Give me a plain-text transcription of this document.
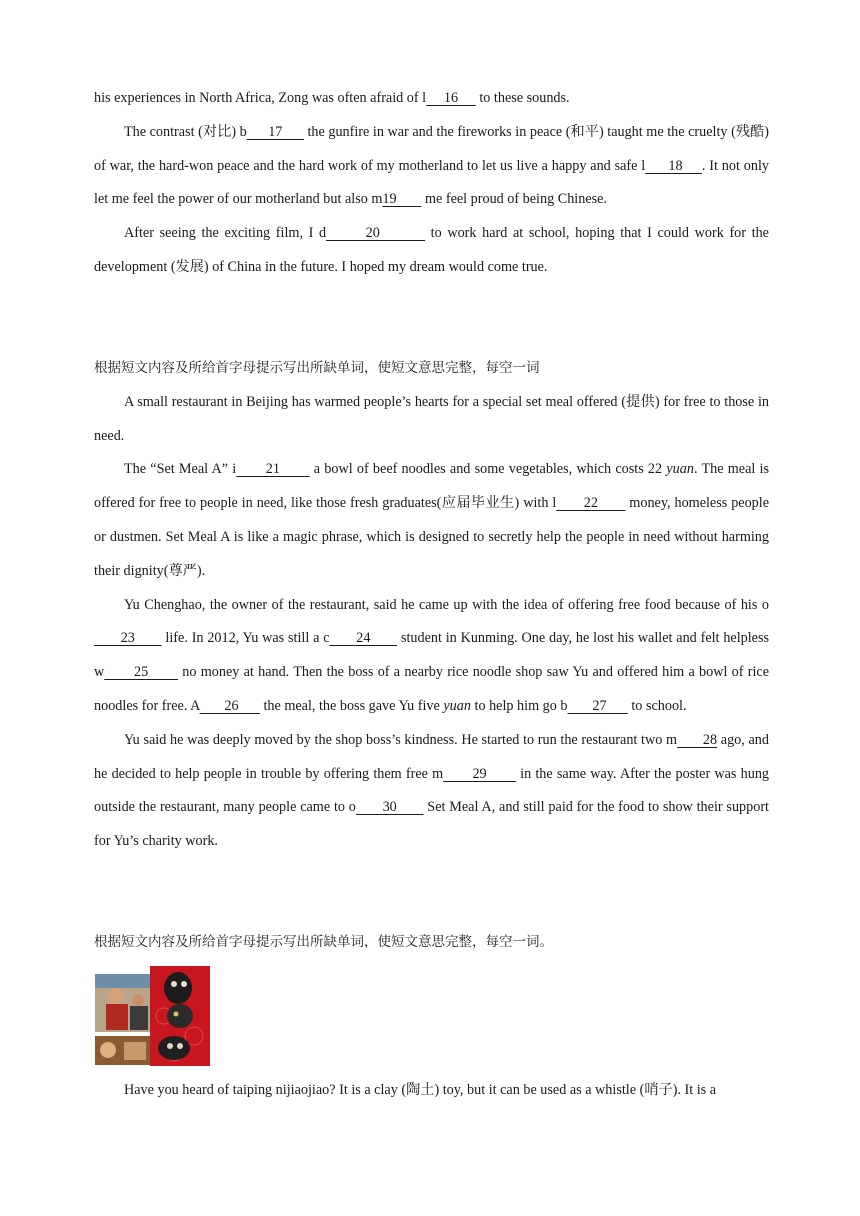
his experiences in North Africa, Zong was often afraid of l     16      to these sounds.

The contrast (对比) b      17       the gunfire in war and the fireworks in peace (和平) taught me the cruelty (残酷) of war, the hard-won peace and the hard work of my motherland to let us live a happy and safe l      18     . It not only let me feel the power of our motherland but also m19        me feel proud of being Chinese.

After seeing the exciting film, I d       20         to work hard at school, hoping that I could work for the development (发展) of China in the future. I hoped my dream would come true.

根据短文内容及所给首字母提示写出所缺单词，使短文意思完整，每空一词

A small restaurant in Beijing has warmed people’s hearts for a special set meal offered (提供) for free to those in need.

The “Set Meal A” i       21        a bowl of beef noodles and some vegetables, which costs 22 yuan. The meal is offered for free to people in need, like those fresh graduates(应届毕业生) with l       22        money, homeless people or dustmen. Set Meal A is like a magic phrase, which is designed to secretly help the people in need without harming their dignity(尊严).

Yu Chenghao, the owner of the restaurant, said he came up with the idea of offering free food because of his o       23        life. In 2012, Yu was still a c       24        student in Kunming. One day, he lost his wallet and felt helpless w       25        no money at hand. Then the boss of a nearby rice noodle shop saw Yu and offered him a bowl of rice noodles for free. A       26       the meal, the boss gave Yu five yuan to help him go b       27       to school.

Yu said he was deeply moved by the shop boss’s kindness. He started to run the restaurant two m       28 ago, and he decided to help people in trouble by offering them free m       29        in the same way. After the poster was hung outside the restaurant, many people came to o       30        Set Meal A, and still paid for the food to show their support for Yu’s charity work.

根据短文内容及所给首字母提示写出所缺单词，使短文意思完整，每空一词。

Have you heard of taiping nijiaojiao? It is a clay (陶土) toy, but it can be used as a whistle (哨子). It is a
